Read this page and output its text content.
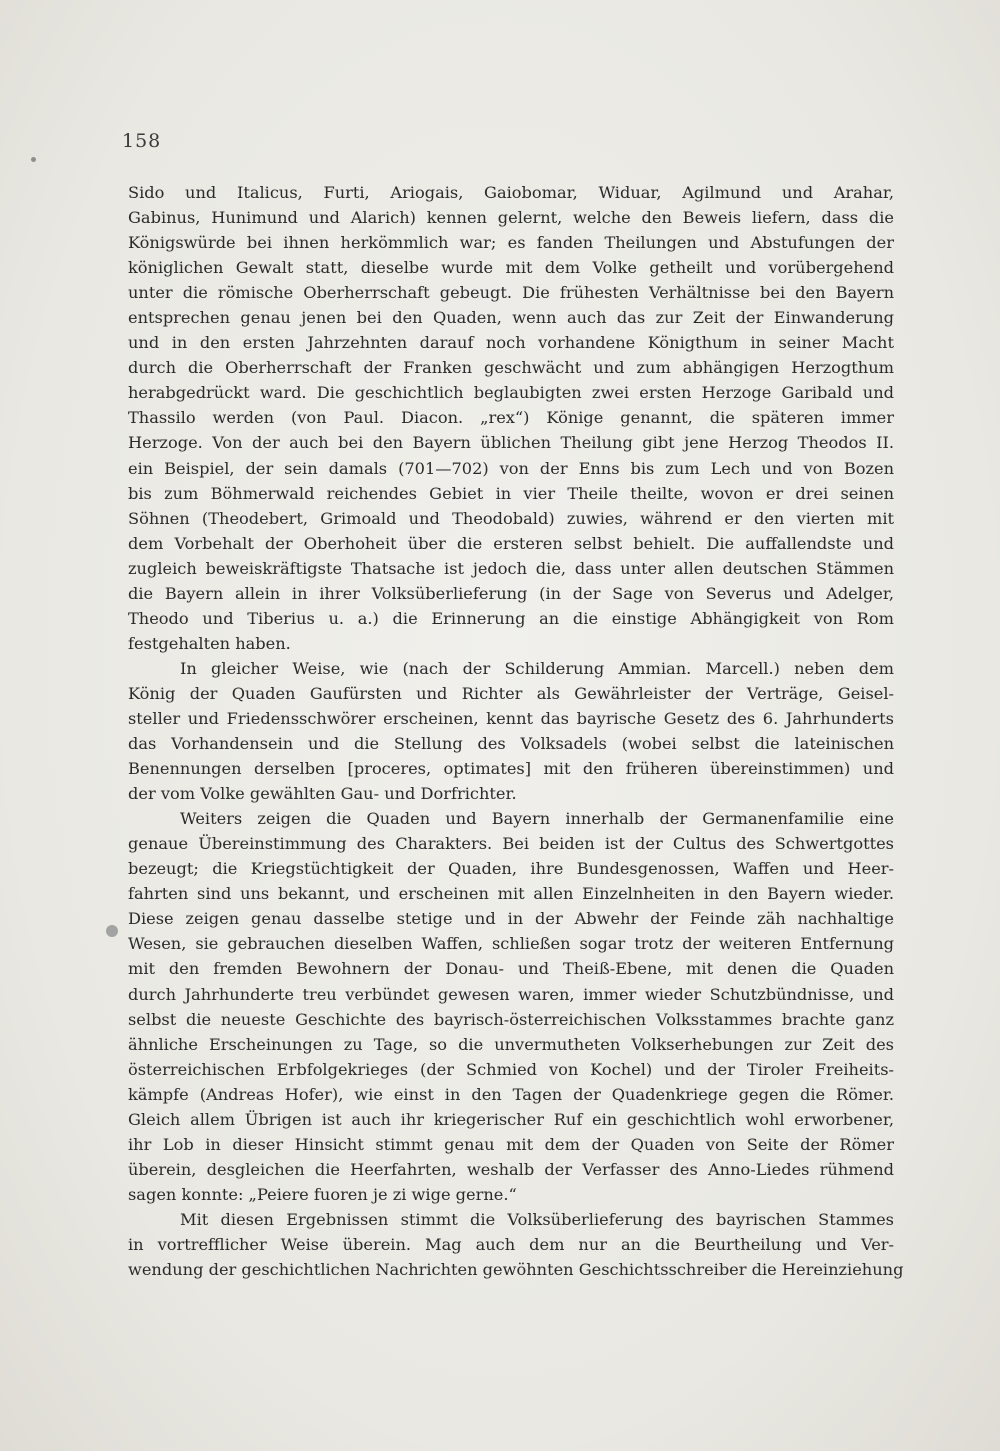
158
Sido und Italicus, Furti, Ariogais, Gaiobomar, Widuar, Agilmund und Arahar,
Gabinus, Hunimund und Alarich) kennen gelernt, welche den Beweis liefern, dass die
Königswürde bei ihnen herkömmlich war; es fanden Theilungen und Abstufungen der
königlichen Gewalt statt, dieselbe wurde mit dem Volke getheilt und vorübergehend
unter die römische Oberherrschaft gebeugt. Die frühesten Verhältnisse bei den Bayern
entsprechen genau jenen bei den Quaden, wenn auch das zur Zeit der Einwanderung
und in den ersten Jahrzehnten darauf noch vorhandene Königthum in seiner Macht
durch die Oberherrschaft der Franken geschwächt und zum abhängigen Herzogthum
herabgedrückt ward. Die geschichtlich beglaubigten zwei ersten Herzoge Garibald und
Thassilo werden (von Paul. Diacon. „rex“) Könige genannt, die späteren immer
Herzoge. Von der auch bei den Bayern üblichen Theilung gibt jene Herzog Theodos II.
ein Beispiel, der sein damals (701—702) von der Enns bis zum Lech und von Bozen
bis zum Böhmerwald reichendes Gebiet in vier Theile theilte, wovon er drei seinen
Söhnen (Theodebert, Grimoald und Theodobald) zuwies, während er den vierten mit
dem Vorbehalt der Oberhoheit über die ersteren selbst behielt. Die auffallendste und
zugleich beweiskräftigste Thatsache ist jedoch die, dass unter allen deutschen Stämmen
die Bayern allein in ihrer Volksüberlieferung (in der Sage von Severus und Adelger,
Theodo und Tiberius u. a.) die Erinnerung an die einstige Abhängigkeit von Rom
festgehalten haben.
In gleicher Weise, wie (nach der Schilderung Ammian. Marcell.) neben dem
König der Quaden Gaufürsten und Richter als Gewährleister der Verträge, Geisel-
steller und Friedensschwörer erscheinen, kennt das bayrische Gesetz des 6. Jahrhunderts
das Vorhandensein und die Stellung des Volksadels (wobei selbst die lateinischen
Benennungen derselben [proceres, optimates] mit den früheren übereinstimmen) und
der vom Volke gewählten Gau- und Dorfrichter.
Weiters zeigen die Quaden und Bayern innerhalb der Germanenfamilie eine
genaue Übereinstimmung des Charakters. Bei beiden ist der Cultus des Schwertgottes
bezeugt; die Kriegstüchtigkeit der Quaden, ihre Bundesgenossen, Waffen und Heer-
fahrten sind uns bekannt, und erscheinen mit allen Einzelnheiten in den Bayern wieder.
Diese zeigen genau dasselbe stetige und in der Abwehr der Feinde zäh nachhaltige
Wesen, sie gebrauchen dieselben Waffen, schließen sogar trotz der weiteren Entfernung
mit den fremden Bewohnern der Donau- und Theiß-Ebene, mit denen die Quaden
durch Jahrhunderte treu verbündet gewesen waren, immer wieder Schutzbündnisse, und
selbst die neueste Geschichte des bayrisch-österreichischen Volksstammes brachte ganz
ähnliche Erscheinungen zu Tage, so die unvermutheten Volkserhebungen zur Zeit des
österreichischen Erbfolgekrieges (der Schmied von Kochel) und der Tiroler Freiheits-
kämpfe (Andreas Hofer), wie einst in den Tagen der Quadenkriege gegen die Römer.
Gleich allem Übrigen ist auch ihr kriegerischer Ruf ein geschichtlich wohl erworbener,
ihr Lob in dieser Hinsicht stimmt genau mit dem der Quaden von Seite der Römer
überein, desgleichen die Heerfahrten, weshalb der Verfasser des Anno-Liedes rühmend
sagen konnte: „Peiere fuoren je zi wige gerne.“
Mit diesen Ergebnissen stimmt die Volksüberlieferung des bayrischen Stammes
in vortrefflicher Weise überein. Mag auch dem nur an die Beurtheilung und Ver-
wendung der geschichtlichen Nachrichten gewöhnten Geschichtsschreiber die Hereinziehung
